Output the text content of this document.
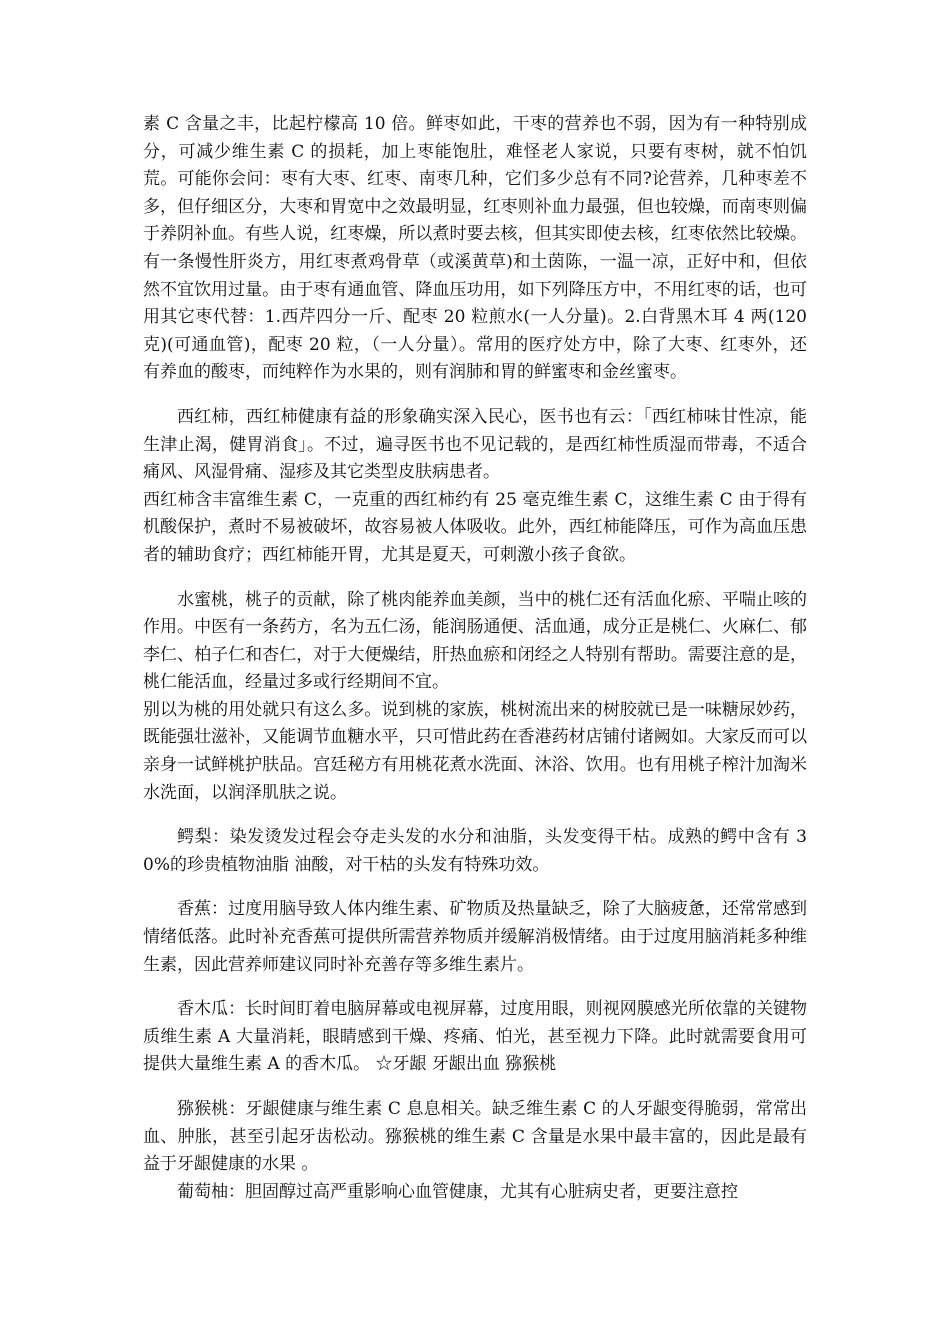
素 C 含量之丰，比起柠檬高 10 倍。鲜枣如此，干枣的营养也不弱，因为有一种特别成分，可减少维生素 C 的损耗，加上枣能饱肚，难怪老人家说，只要有枣树，就不怕饥荒。可能你会问：枣有大枣、红枣、南枣几种，它们多少总有不同?论营养，几种枣差不多，但仔细区分，大枣和胃宽中之效最明显，红枣则补血力最强，但也较燥，而南枣则偏于养阴补血。有些人说，红枣燥，所以煮时要去核，但其实即使去核，红枣依然比较燥。有一条慢性肝炎方，用红枣煮鸡骨草（或溪黄草)和土茵陈，一温一凉，正好中和，但依然不宜饮用过量。由于枣有通血管、降血压功用，如下列降压方中，不用红枣的话，也可用其它枣代替：1.西芹四分一斤、配枣 20 粒煎水(一人分量)。2.白背黑木耳 4 两(120 克)(可通血管)，配枣 20 粒，（一人分量）。常用的医疗处方中，除了大枣、红枣外，还有养血的酸枣，而纯粹作为水果的，则有润肺和胃的鲜蜜枣和金丝蜜枣。

西红柿，西红柿健康有益的形象确实深入民心，医书也有云：「西红柿味甘性凉，能生津止渴，健胃消食」。不过，遍寻医书也不见记载的，是西红柿性质湿而带毒，不适合痛风、风湿骨痛、湿疹及其它类型皮肤病患者。

西红柿含丰富维生素 C，一克重的西红柿约有 25 毫克维生素 C，这维生素 C 由于得有机酸保护，煮时不易被破坏，故容易被人体吸收。此外，西红柿能降压，可作为高血压患者的辅助食疗；西红柿能开胃，尤其是夏天，可刺激小孩子食欲。

水蜜桃，桃子的贡献，除了桃肉能养血美颜，当中的桃仁还有活血化瘀、平喘止咳的作用。中医有一条药方，名为五仁汤，能润肠通便、活血通，成分正是桃仁、火麻仁、郁李仁、柏子仁和杏仁，对于大便燥结，肝热血瘀和闭经之人特别有帮助。需要注意的是，桃仁能活血，经量过多或行经期间不宜。

别以为桃的用处就只有这么多。说到桃的家族，桃树流出来的树胶就已是一味糖尿妙药，既能强壮滋补，又能调节血糖水平，只可惜此药在香港药材店铺付诸阙如。大家反而可以亲身一试鲜桃护肤品。宫廷秘方有用桃花煮水洗面、沐浴、饮用。也有用桃子榨汁加淘米水洗面，以润泽肌肤之说。

鳄梨：染发烫发过程会夺走头发的水分和油脂，头发变得干枯。成熟的鳄中含有 30%的珍贵植物油脂 油酸，对干枯的头发有特殊功效。

香蕉：过度用脑导致人体内维生素、矿物质及热量缺乏，除了大脑疲惫，还常常感到情绪低落。此时补充香蕉可提供所需营养物质并缓解消极情绪。由于过度用脑消耗多种维生素，因此营养师建议同时补充善存等多维生素片。

香木瓜：长时间盯着电脑屏幕或电视屏幕，过度用眼，则视网膜感光所依靠的关键物质维生素 A 大量消耗，眼睛感到干燥、疼痛、怕光，甚至视力下降。此时就需要食用可提供大量维生素 A 的香木瓜。 ☆牙龈 牙龈出血 猕猴桃

猕猴桃：牙龈健康与维生素 C 息息相关。缺乏维生素 C 的人牙龈变得脆弱，常常出血、肿胀，甚至引起牙齿松动。猕猴桃的维生素 C 含量是水果中最丰富的，因此是最有益于牙龈健康的水果 。

葡萄柚：胆固醇过高严重影响心血管健康，尤其有心脏病史者，更要注意控
